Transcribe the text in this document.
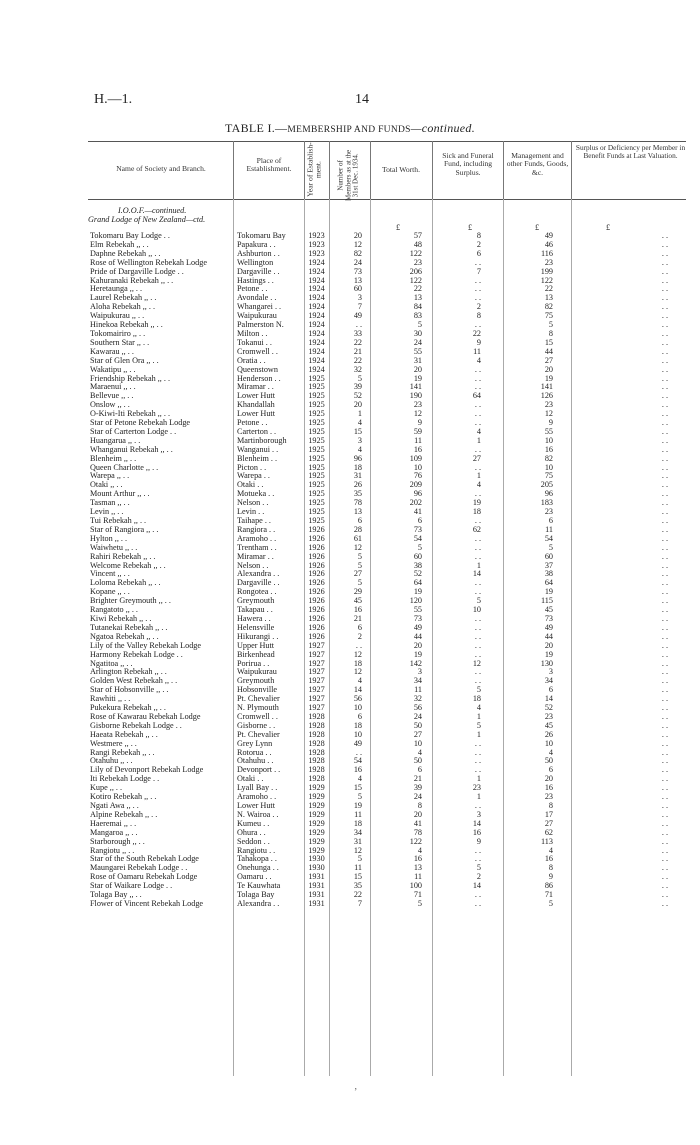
H.—1.	14
TABLE I.—MEMBERSHIP AND FUNDS—continued.
Name of Society and Branch.
Place of Establishment.	Year of Establish-ment. Number of Members as at the 31st Dec. 1934.	Total Worth.
Sick and Funeral Fund, including Surplus.
Management and other Funds, Goods, &c.
Surplus or Deficiency per Member in Benefit Funds at Last Valuation.
I.O.O.F.—continued.
Grand Lodge of New Zealand—ctd.
£	£	£	£
Tokomaru Bay Lodge . .	Tokomaru Bay	1923	20	57	8	49	. .
Elm Rebekah ,, . .	Papakura . .	1923	12	48	2	46	. .
Daphne Rebekah ,, . .	Ashburton . .	1923	82	122	6	116	. .
Rose of Wellington Rebekah Lodge	Wellington	1924	24	23	. .	23	. .
Pride of Dargaville Lodge . .	Dargaville . .	1924	73	206	7	199	. .
Kahuranaki Rebekah ,, . .	Hastings . .	1924	13	122	. .	122	. .
Heretaunga ,, . .	Petone . .	1924	60	22	. .	22	. .
Laurel Rebekah ,, . .	Avondale . .	1924	3	13	. .	13	. .
Aloha Rebekah ,, . .	Whangarei . .	1924	7	84	2	82	. .
Waipukurau ,, . .	Waipukurau	1924	49	83	8	75	. .
Hinekoa Rebekah ,, . .	Palmerston N.	1924	. .	5	. .	5	. .
Tokomairiro ,, . .	Milton . .	1924	33	30	22	8	. .
Southern Star ,, . .	Tokanui . .	1924	22	24	9	15	. .
Kawarau ,, . .	Cromwell . .	1924	21	55	11	44	. .
Star of Glen Ora ,, . .	Oratia . .	1924	22	31	4	27	. .
Wakatipu ,, . .	Queenstown	1924	32	20	. .	20	. .
Friendship Rebekah ,, . .	Henderson . .	1925	5	19	. .	19	. .
Maraenui ,, . .	Miramar . .	1925	39	141	. .	141	. .
Bellevue ,, . .	Lower Hutt	1925	52	190	64	126	. .
Onslow ,, . .	Khandallah	1925	20	23	. .	23	. .
O-Kiwi-Iti Rebekah ,, . .	Lower Hutt	1925	1	12	. .	12	. .
Star of Petone Rebekah Lodge	Petone . .	1925	4	9	. .	9	. .
Star of Carterton Lodge . .	Carterton . .	1925	15	59	4	55	. .
Huangarua ,, . .	Martinborough	1925	3	11	1	10	. .
Whanganui Rebekah ,, . .	Wanganui . .	1925	4	16	. .	16	. .
Blenheim ,, . .	Blenheim . .	1925	96	109	27	82	. .
Queen Charlotte ,, . .	Picton . .	1925	18	10	. .	10	. .
Warepa ,, . .	Warepa . .	1925	31	76	1	75	. .
Otaki ,, . .	Otaki . .	1925	26	209	4	205	. .
Mount Arthur ,, . .	Motueka . .	1925	35	96	. .	96	. .
Tasman ,, . .	Nelson . .	1925	78	202	19	183	. .
Levin ,, . .	Levin . .	1925	13	41	18	23	. .
Tui Rebekah ,, . .	Taihape . .	1925	6	6	. .	6	. .
Star of Rangiora ,, . .	Rangiora . .	1926	28	73	62	11	. .
Hylton ,, . .	Aramoho . .	1926	61	54	. .	54	. .
Waiwhetu ,, . .	Trentham . .	1926	12	5	. .	5	. .
Rahiri Rebekah ,, . .	Miramar . .	1926	5	60	. .	60	. .
Welcome Rebekah ,, . .	Nelson . .	1926	5	38	1	37	. .
Vincent ,, . .	Alexandra . .	1926	27	52	14	38	. .
Loloma Rebekah ,, . .	Dargaville . .	1926	5	64	. .	64	. .
Kopane ,, . .	Rongotea . .	1926	29	19	. .	19	. .
Brighter Greymouth ,, . .	Greymouth	1926	45	120	5	115	. .
Rangatoto ,, . .	Takapau . .	1926	16	55	10	45	. .
Kiwi Rebekah ,, . .	Hawera . .	1926	21	73	. .	73	. .
Tutanekai Rebekah ,, . .	Helensville	1926	6	49	. .	49	. .
Ngatoa Rebekah ,, . .	Hikurangi . .	1926	2	44	. .	44	. .
Lily of the Valley Rebekah Lodge	Upper Hutt	1927	. .	20	. .	20	. .
Harmony Rebekah Lodge . .	Birkenhead	1927	12	19	. .	19	. .
Ngatitoa ,, . .	Porirua . .	1927	18	142	12	130	. .
Arlington Rebekah ,, . .	Waipukurau	1927	12	3	. .	3	. .
Golden West Rebekah ,, . .	Greymouth	1927	4	34	. .	34	. .
Star of Hobsonville ,, . .	Hobsonville	1927	14	11	5	6	. .
Rawhiti ,, . .	Pt. Chevalier	1927	56	32	18	14	. .
Pukekura Rebekah ,, . .	N. Plymouth	1927	10	56	4	52	. .
Rose of Kawarau Rebekah Lodge	Cromwell . .	1928	6	24	1	23	. .
Gisborne Rebekah Lodge . .	Gisborne . .	1928	18	50	5	45	. .
Haeata Rebekah ,, . .	Pt. Chevalier	1928	10	27	1	26	. .
Westmere ,, . .	Grey Lynn	1928	49	10	. .	10	. .
Rangi Rebekah ,, . .	Rotorua . .	1928	. .	4	. .	4	. .
Otahuhu ,, . .	Otahuhu . .	1928	54	50	. .	50	. .
Lily of Devonport Rebekah Lodge	Devonport . .	1928	16	6	. .	6	. .
Iti Rebekah Lodge . .	Otaki . .	1928	4	21	1	20	. .
Kupe ,, . .	Lyall Bay . .	1929	15	39	23	16	. .
Kotiro Rebekah ,, . .	Aramoho . .	1929	5	24	1	23	. .
Ngati Awa ,, . .	Lower Hutt	1929	19	8	. .	8	. .
Alpine Rebekah ,, . .	N. Wairoa . .	1929	11	20	3	17	. .
Haeremai ,, . .	Kumeu . .	1929	18	41	14	27	. .
Mangaroa ,, . .	Ohura . .	1929	34	78	16	62	. .
Starborough ,, . .	Seddon . .	1929	31	122	9	113	. .
Rangiotu ,, . .	Rangiotu . .	1929	12	4	. .	4	. .
Star of the South Rebekah Lodge	Tahakopa . .	1930	5	16	. .	16	. .
Maungarei Rebekah Lodge . .	Onehunga . .	1930	11	13	5	8	. .
Rose of Oamaru Rebekah Lodge	Oamaru . .	1931	15	11	2	9	. .
Star of Waikare Lodge . .	Te Kauwhata	1931	35	100	14	86	. .
Tolaga Bay ,, . .	Tolaga Bay	1931	22	71	. .	71	. .
Flower of Vincent Rebekah Lodge	Alexandra . .	1931	7	5	. .	5	. .
‚
